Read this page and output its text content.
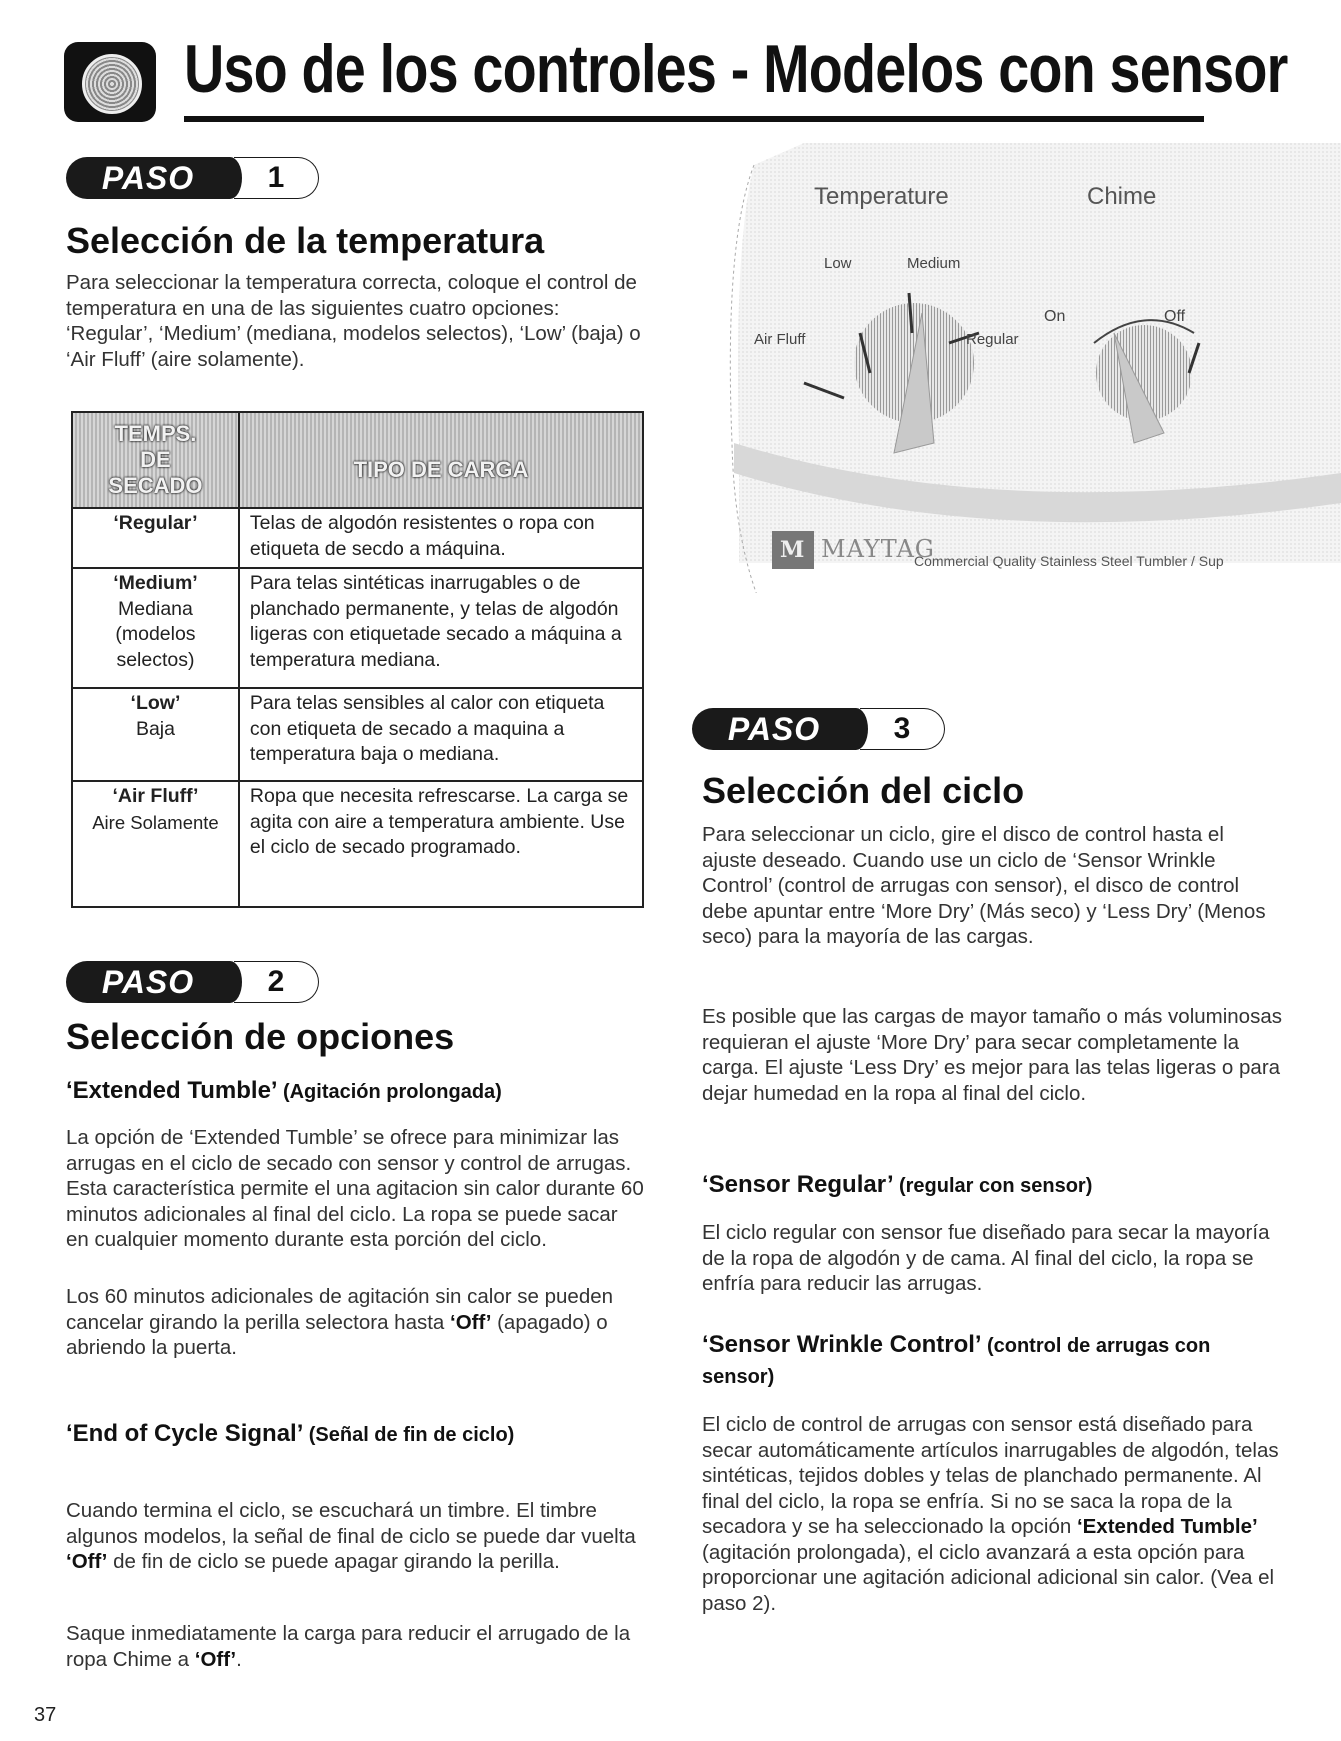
Uso de los controles - Modelos con sensor
PASO	1
Selección de la temperatura
Para seleccionar la temperatura correcta, coloque el control de temperatura en una de las siguientes cuatro opciones: ‘Regular’, ‘Medium’ (mediana, modelos selectos), ‘Low’ (baja) o ‘Air Fluff’ (aire solamente).
TEMPS. DE SECADO	TIPO DE CARGA

‘Regular’	Telas de algodón resistentes o ropa con etiqueta de secdo a máquina.

‘Medium’
Mediana (modelos selectos)	Para telas sintéticas inarrugables o de planchado permanente, y telas de algodón ligeras con etiquetade secado a máquina a temperatura mediana.

‘Low’
Baja	Para telas sensibles al calor con etiqueta con etiqueta de secado a maquina a temperatura baja o mediana.

‘Air Fluff’
Aire Solamente	Ropa que necesita refrescarse. La carga se agita con aire a temperatura ambiente. Use el ciclo de secado programado.
PASO	2
Selección de opciones
‘Extended Tumble’ (Agitación prolongada)
La opción de ‘Extended Tumble’ se ofrece para minimizar las arrugas en el ciclo de secado con sensor y control de arrugas. Esta característica permite el una agitacion sin calor durante 60 minutos adicionales al final del ciclo. La ropa se puede sacar en cualquier momento durante esta porción del ciclo.
Los 60 minutos adicionales de agitación sin calor se pueden cancelar girando la perilla selectora hasta ‘Off’ (apagado) o abriendo la puerta.
‘End of Cycle Signal’ (Señal de fin de ciclo)
Cuando termina el ciclo, se escuchará un timbre. El timbre algunos modelos, la señal de final de ciclo se puede dar vuelta ‘Off’ de fin de ciclo se puede apagar girando la perilla.
Saque inmediatamente la carga para reducir el arrugado de la ropa Chime a ‘Off’.
M
Temperature	Chime
Low	Medium
Air Fluff	Regular
On	Off
MAYTAG
Commercial Quality Stainless Steel Tumbler / Sup
PASO	3
Selección del ciclo
Para seleccionar un ciclo, gire el disco de control hasta el ajuste deseado. Cuando use un ciclo de ‘Sensor Wrinkle Control’ (control de arrugas con sensor), el disco de control debe apuntar entre ‘More Dry’ (Más seco) y ‘Less Dry’ (Menos seco) para la mayoría de las cargas.
Es posible que las cargas de mayor tamaño o más voluminosas requieran el ajuste ‘More Dry’ para secar completamente la carga. El ajuste ‘Less Dry’ es mejor para las telas ligeras o para dejar humedad en la ropa al final del ciclo.
‘Sensor Regular’ (regular con sensor)
El ciclo regular con sensor fue diseñado para secar la mayoría de la ropa de algodón y de cama. Al final del ciclo, la ropa se enfría para reducir las arrugas.
‘Sensor Wrinkle Control’ (control de arrugas con sensor)
El ciclo de control de arrugas con sensor está diseñado para secar automáticamente artículos inarrugables de algodón, telas sintéticas, tejidos dobles y telas de planchado permanente. Al final del ciclo, la ropa se enfría. Si no se saca la ropa de la secadora y se ha seleccionado la opción ‘Extended Tumble’ (agitación prolongada), el ciclo avanzará a esta opción para proporcionar une agitación adicional adicional sin calor. (Vea el paso 2).
37
